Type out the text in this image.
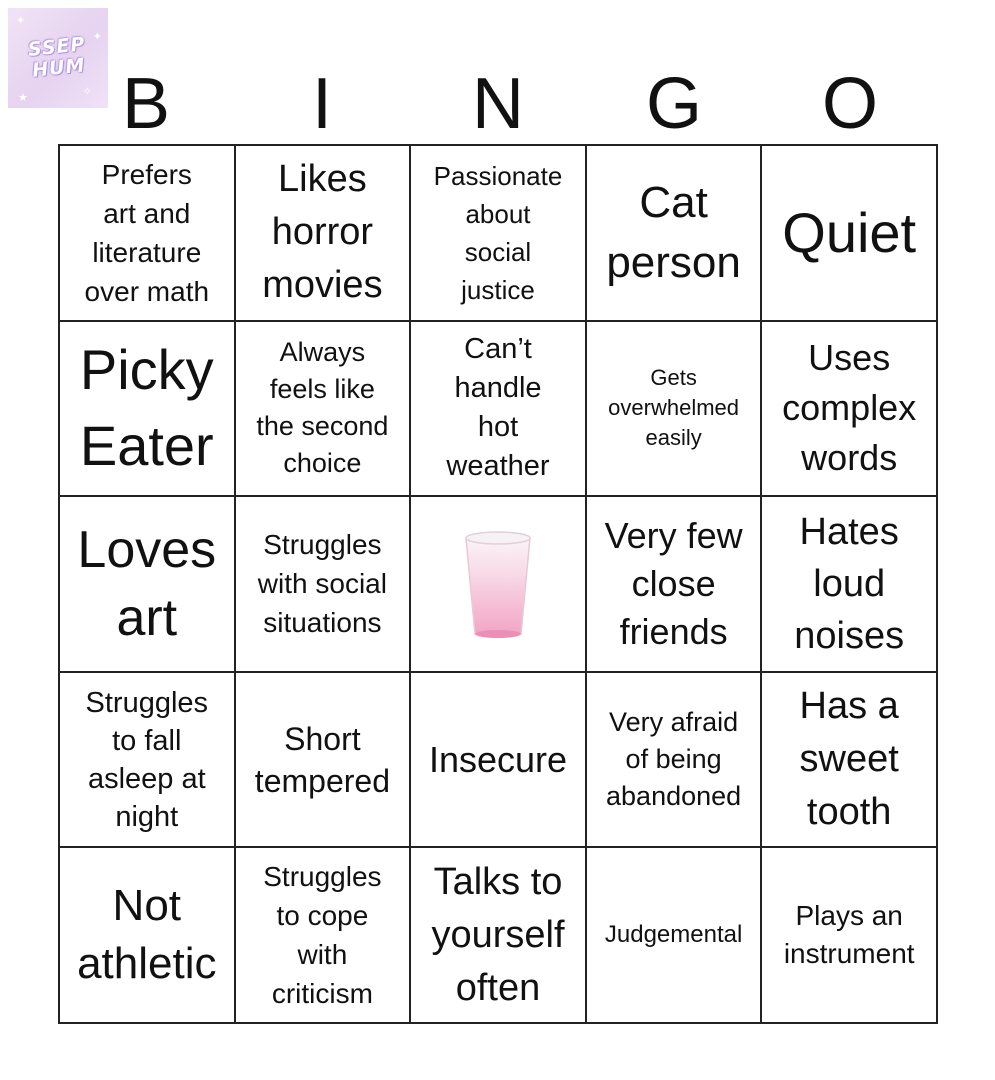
SSEP
HUM
✦
✦
★	✧ B	I	N	G	O
Prefers
art and
literature
over math
Likes
horror
movies
Passionate
about
social
justice
Cat
person Quiet
Picky
Eater
Always
feels like
the second
choice
Can’t
handle
hot
weather
Gets
overwhelmed
easily
Uses
complex
words
Loves
art
Struggles
with social
situations
Very few
close
friends
Hates
loud
noises
Struggles
to fall
asleep at
night
Short
tempered
Insecure
Very afraid
of being
abandoned
Has a
sweet
tooth
Not
athletic
Struggles
to cope
with
criticism
Talks to
yourself
often
Judgemental
Plays an
instrument
